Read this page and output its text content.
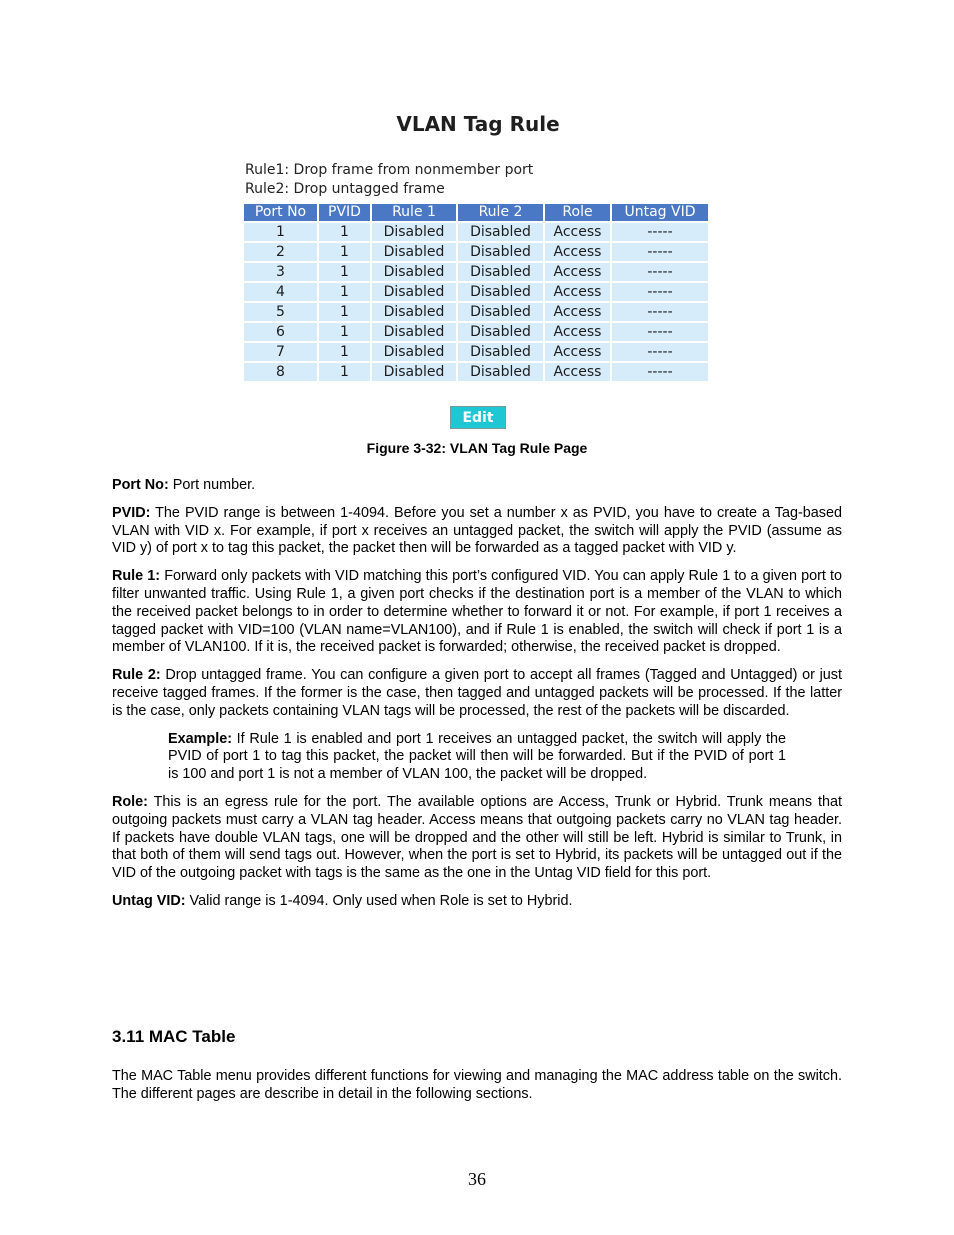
VLAN Tag Rule

Rule1: Drop frame from nonmember port

Rule2: Drop untagged frame

Port No	PVID	Rule 1	Rule 2	Role	Untag VID
1	1	Disabled	Disabled	Access	-----
2	1	Disabled	Disabled	Access	-----
3	1	Disabled	Disabled	Access	-----
4	1	Disabled	Disabled	Access	-----
5	1	Disabled	Disabled	Access	-----
6	1	Disabled	Disabled	Access	-----
7	1	Disabled	Disabled	Access	-----
8	1	Disabled	Disabled	Access	-----
Edit
Figure 3-32: VLAN Tag Rule Page

Port No: Port number.

PVID: The PVID range is between 1-4094. Before you set a number x as PVID, you have to create a Tag-based VLAN with VID x. For example, if port x receives an untagged packet, the switch will apply the PVID (assume as VID y) of port x to tag this packet, the packet then will be forwarded as a tagged packet with VID y.

Rule 1: Forward only packets with VID matching this port’s configured VID. You can apply Rule 1 to a given port to filter unwanted traffic. Using Rule 1, a given port checks if the destination port is a member of the VLAN to which the received packet belongs to in order to determine whether to forward it or not. For example, if port 1 receives a tagged packet with VID=100 (VLAN name=VLAN100), and if Rule 1 is enabled, the switch will check if port 1 is a member of VLAN100. If it is, the received packet is forwarded; otherwise, the received packet is dropped.

Rule 2: Drop untagged frame. You can configure a given port to accept all frames (Tagged and Untagged) or just receive tagged frames. If the former is the case, then tagged and untagged packets will be processed. If the latter is the case, only packets containing VLAN tags will be processed, the rest of the packets will be discarded.

Example: If Rule 1 is enabled and port 1 receives an untagged packet, the switch will apply the PVID of port 1 to tag this packet, the packet will then will be forwarded. But if the PVID of port 1 is 100 and port 1 is not a member of VLAN 100, the packet will be dropped.

Role: This is an egress rule for the port. The available options are Access, Trunk or Hybrid. Trunk means that outgoing packets must carry a VLAN tag header. Access means that outgoing packets carry no VLAN tag header. If packets have double VLAN tags, one will be dropped and the other will still be left. Hybrid is similar to Trunk, in that both of them will send tags out. However, when the port is set to Hybrid, its packets will be untagged out if the VID of the outgoing packet with tags is the same as the one in the Untag VID field for this port.

Untag VID: Valid range is 1-4094. Only used when Role is set to Hybrid.

3.11 MAC Table

The MAC Table menu provides different functions for viewing and managing the MAC address table on the switch. The different pages are describe in detail in the following sections.

36
